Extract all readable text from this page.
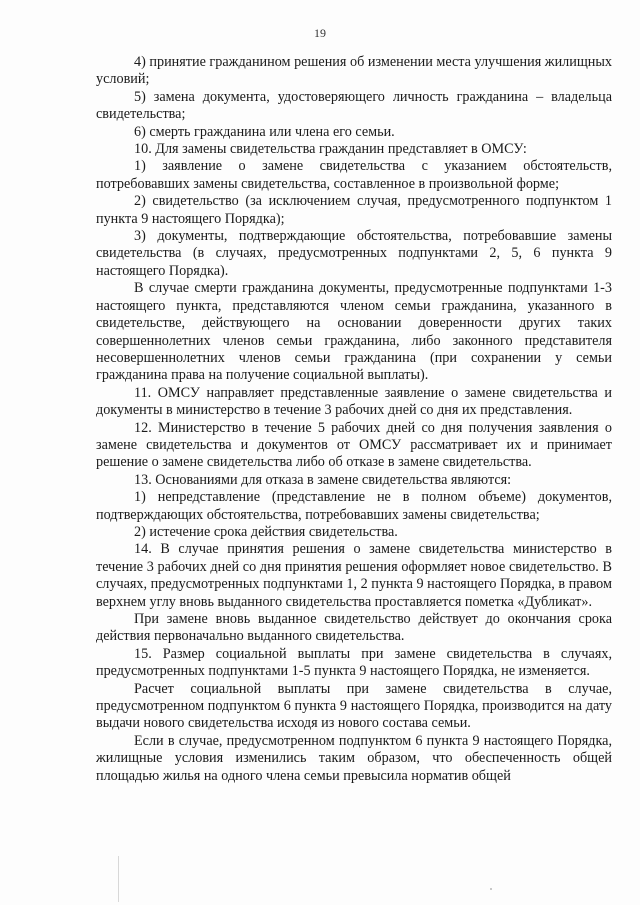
19

4) принятие гражданином решения об изменении места улучшения жилищных условий;

5) замена документа, удостоверяющего личность гражданина – владельца свидетельства;

6) смерть гражданина или члена его семьи.

10. Для замены свидетельства гражданин представляет в ОМСУ:

1) заявление о замене свидетельства с указанием обстоятельств, потребовавших замены свидетельства, составленное в произвольной форме;

2) свидетельство (за исключением случая, предусмотренного подпунктом 1 пункта 9 настоящего Порядка);

3) документы, подтверждающие обстоятельства, потребовавшие замены свидетельства (в случаях, предусмотренных подпунктами 2, 5, 6 пункта 9 настоящего Порядка).

В случае смерти гражданина документы, предусмотренные подпунктами 1-3 настоящего пункта, представляются членом семьи гражданина, указанного в свидетельстве, действующего на основании доверенности других таких совершеннолетних членов семьи гражданина, либо законного представителя несовершеннолетних членов семьи гражданина (при сохранении у семьи гражданина права на получение социальной выплаты).

11. ОМСУ направляет представленные заявление о замене свидетельства и документы в министерство в течение 3 рабочих дней со дня их представления.

12. Министерство в течение 5 рабочих дней со дня получения заявления о замене свидетельства и документов от ОМСУ рассматривает их и принимает решение о замене свидетельства либо об отказе в замене свидетельства.

13. Основаниями для отказа в замене свидетельства являются:

1) непредставление (представление не в полном объеме) документов, подтверждающих обстоятельства, потребовавших замены свидетельства;

2) истечение срока действия свидетельства.

14. В случае принятия решения о замене свидетельства министерство в течение 3 рабочих дней со дня принятия решения оформляет новое свидетельство. В случаях, предусмотренных подпунктами 1, 2 пункта 9 настоящего Порядка, в правом верхнем углу вновь выданного свидетельства проставляется пометка «Дубликат».

При замене вновь выданное свидетельство действует до окончания срока действия первоначально выданного свидетельства.

15. Размер социальной выплаты при замене свидетельства в случаях, предусмотренных подпунктами 1-5 пункта 9 настоящего Порядка, не изменяется.

Расчет социальной выплаты при замене свидетельства в случае, предусмотренном подпунктом 6 пункта 9 настоящего Порядка, производится на дату выдачи нового свидетельства исходя из нового состава семьи.

Если в случае, предусмотренном подпунктом 6 пункта 9 настоящего Порядка, жилищные условия изменились таким образом, что обеспеченность общей площадью жилья на одного члена семьи превысила норматив общей
